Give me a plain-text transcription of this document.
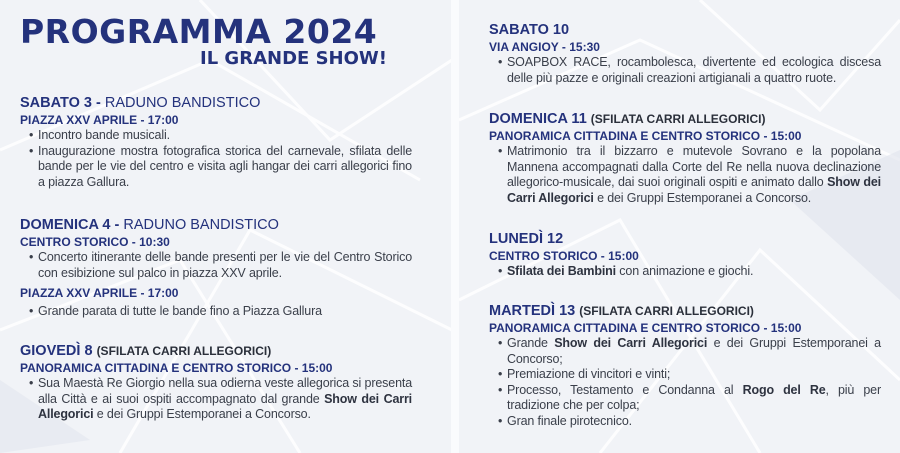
PROGRAMMA 2024
IL GRANDE SHOW!
SABATO 3 - RADUNO BANDISTICO
PIAZZA XXV APRILE - 17:00
• Incontro bande musicali.
• Inaugurazione mostra fotografica storica del carnevale, sfilata delle bande per le vie del centro e visita agli hangar dei carri allegorici fino a piazza Gallura.
DOMENICA 4 - RADUNO BANDISTICO
CENTRO STORICO - 10:30
• Concerto itinerante delle bande presenti per le vie del Centro Storico con esibizione sul palco in piazza XXV aprile.
PIAZZA XXV APRILE - 17:00
• Grande parata di tutte le bande fino a Piazza Gallura
GIOVEDÌ 8 (SFILATA CARRI ALLEGORICI)
PANORAMICA CITTADINA E CENTRO STORICO - 15:00
• Sua Maestà Re Giorgio nella sua odierna veste allegorica si presenta alla Città e ai suoi ospiti accompagnato dal grande Show dei Carri Allegorici e dei Gruppi Estemporanei a Concorso.
SABATO 10
VIA ANGIOY - 15:30
• SOAPBOX RACE, rocambolesca, divertente ed ecologica discesa delle più pazze e originali creazioni artigianali a quattro ruote.
DOMENICA 11 (SFILATA CARRI ALLEGORICI)
PANORAMICA CITTADINA E CENTRO STORICO - 15:00
• Matrimonio tra il bizzarro e mutevole Sovrano e la popolana Mannena accompagnati dalla Corte del Re nella nuova declinazione allegorico-musicale, dai suoi originali ospiti e animato dallo Show dei Carri Allegorici e dei Gruppi Estemporanei a Concorso.
LUNEDÌ 12
CENTRO STORICO - 15:00
• Sfilata dei Bambini con animazione e giochi.
MARTEDÌ 13 (SFILATA CARRI ALLEGORICI)
PANORAMICA CITTADINA E CENTRO STORICO - 15:00
• Grande Show dei Carri Allegorici e dei Gruppi Estemporanei a Concorso;
• Premiazione di vincitori e vinti;
• Processo, Testamento e Condanna al Rogo del Re, più per tradizione che per colpa;
• Gran finale pirotecnico.
